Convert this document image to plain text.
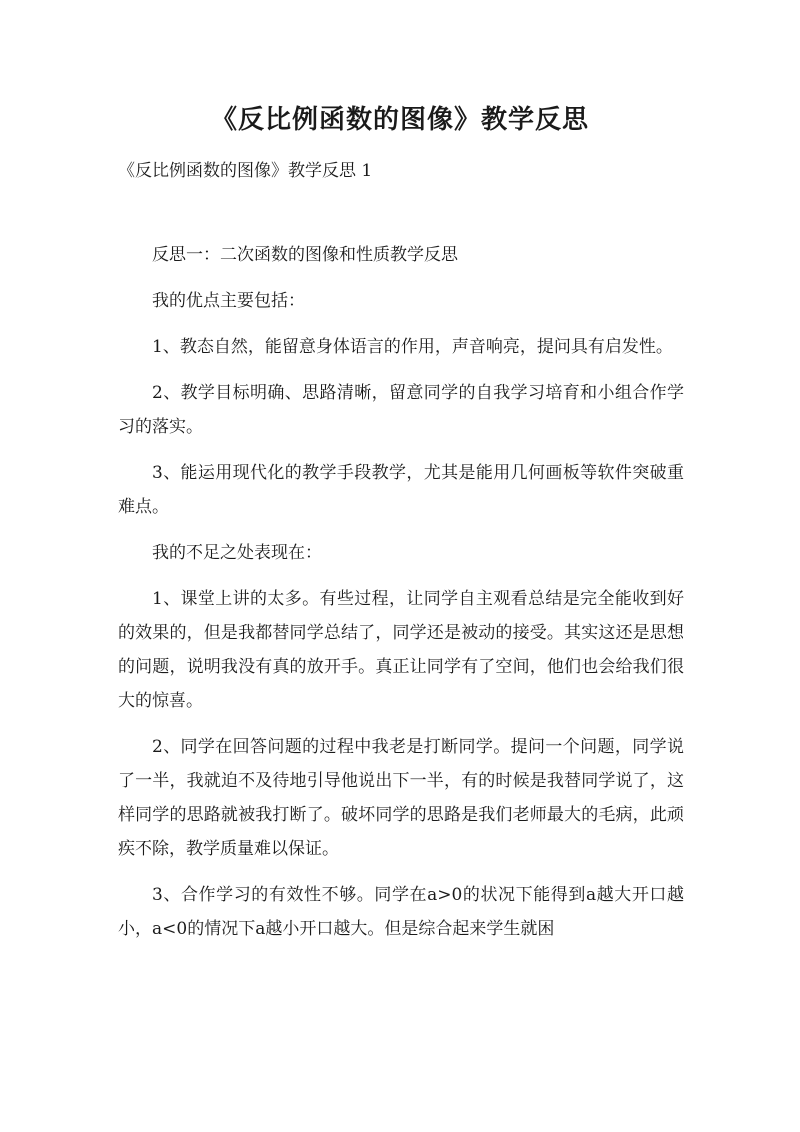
《反比例函数的图像》教学反思
《反比例函数的图像》教学反思 1

反思一：二次函数的图像和性质教学反思

我的优点主要包括：

1、教态自然，能留意身体语言的作用，声音响亮，提问具有启发性。

2、教学目标明确、思路清晰，留意同学的自我学习培育和小组合作学习的落实。

3、能运用现代化的教学手段教学，尤其是能用几何画板等软件突破重难点。

我的不足之处表现在：

1、课堂上讲的太多。有些过程，让同学自主观看总结是完全能收到好的效果的，但是我都替同学总结了，同学还是被动的接受。其实这还是思想的问题，说明我没有真的放开手。真正让同学有了空间，他们也会给我们很大的惊喜。

2、同学在回答问题的过程中我老是打断同学。提问一个问题，同学说了一半，我就迫不及待地引导他说出下一半，有的时候是我替同学说了，这样同学的思路就被我打断了。破坏同学的思路是我们老师最大的毛病，此顽疾不除，教学质量难以保证。

3、合作学习的有效性不够。同学在a>0的状况下能得到a越大开口越小，a<0的情况下a越小开口越大。但是综合起来学生就困
